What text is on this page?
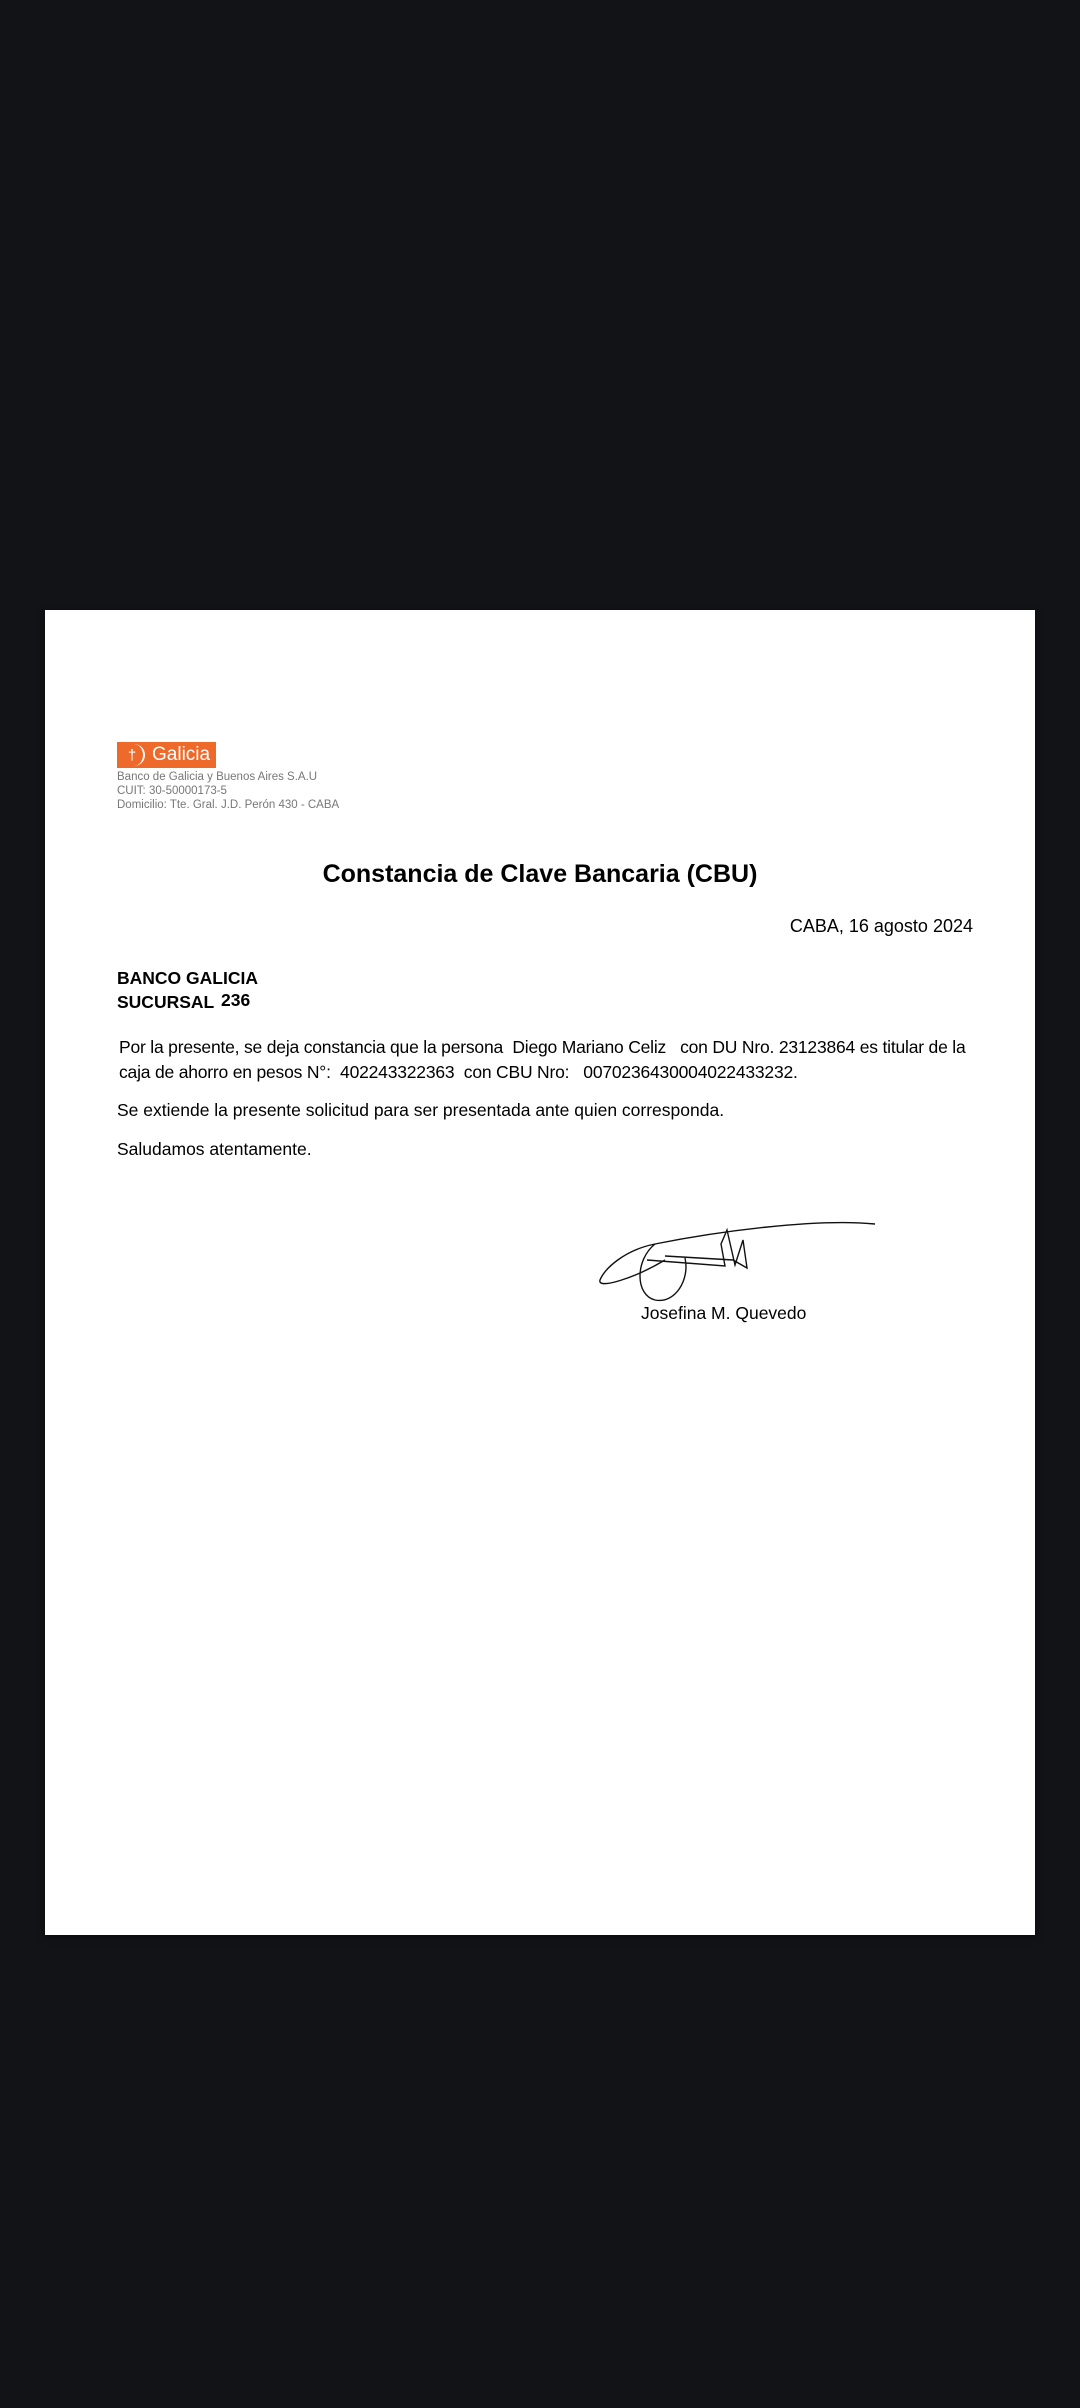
† Galicia
Banco de Galicia y Buenos Aires S.A.U
CUIT: 30-50000173-5
Domicilio: Tte. Gral. J.D. Perón 430 - CABA
Constancia de Clave Bancaria (CBU)
CABA, 16 agosto 2024
BANCO GALICIA
SUCURSAL 236
Por la presente, se deja constancia que la persona  Diego Mariano Celiz   con DU Nro. 23123864 es titular de la
caja de ahorro en pesos N°:  402243322363  con CBU Nro:   0070236430004022433232.
Se extiende la presente solicitud para ser presentada ante quien corresponda.
Saludamos atentamente.
Josefina M. Quevedo
